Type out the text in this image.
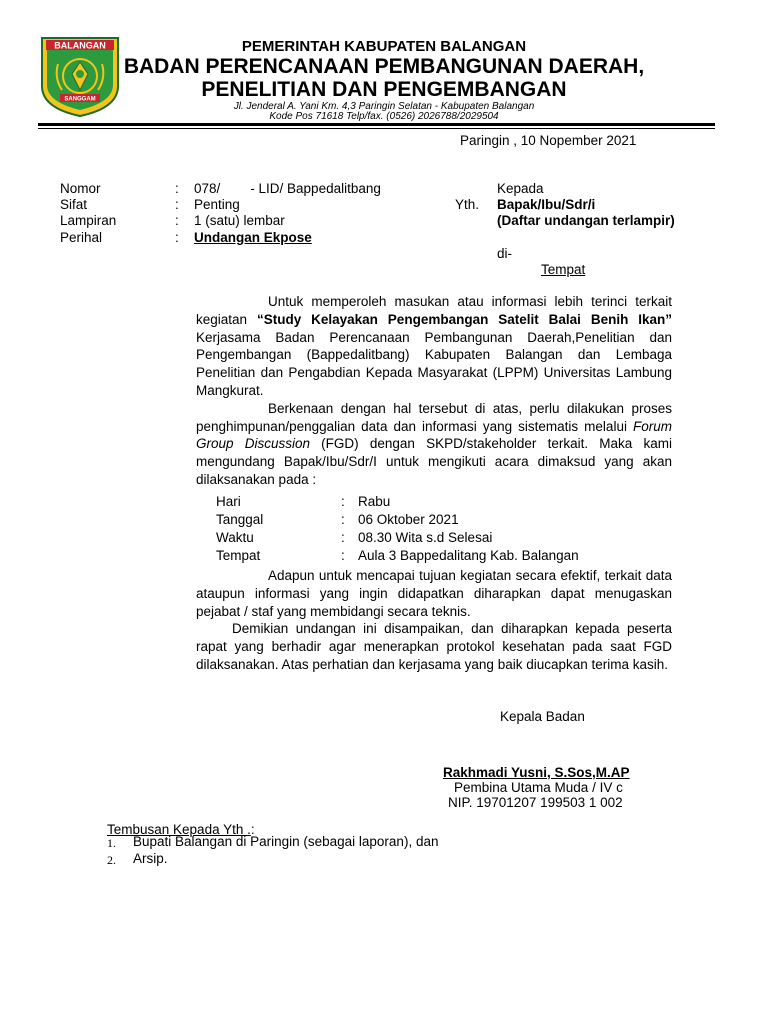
BALANGAN
SANGGAM
PEMERINTAH KABUPATEN BALANGAN
BADAN PERENCANAAN PEMBANGUNAN DAERAH,
PENELITIAN DAN PENGEMBANGAN
Jl. Jenderal A. Yani Km. 4,3 Paringin Selatan - Kabupaten Balangan
Kode Pos 71618 Telp/fax. (0526) 2026788/2029504
Paringin , 10 Nopember 2021
Nomor	: 078/        - LID/ Bappedalitbang
Sifat	: Penting
Lampiran	: 1 (satu) lembar
Perihal	: Undangan Ekpose
Kepada
Yth. Bapak/Ibu/Sdr/i
(Daftar undangan terlampir)
di-
Tempat

Untuk memperoleh masukan atau informasi lebih terinci terkait kegiatan “Study Kelayakan Pengembangan Satelit Balai Benih Ikan” Kerjasama Badan Perencanaan Pembangunan Daerah,Penelitian dan Pengembangan (Bappedalitbang) Kabupaten Balangan dan Lembaga Penelitian dan Pengabdian Kepada Masyarakat (LPPM) Universitas Lambung Mangkurat.

Berkenaan dengan hal tersebut di atas, perlu dilakukan proses penghimpunan/penggalian data dan informasi yang sistematis melalui Forum Group Discussion (FGD) dengan SKPD/stakeholder terkait. Maka kami mengundang Bapak/Ibu/Sdr/I untuk mengikuti acara dimaksud yang akan dilaksanakan pada :

Hari	: Rabu
Tanggal	: 06 Oktober 2021
Waktu	: 08.30 Wita s.d Selesai
Tempat	: Aula 3 Bappedalitang Kab. Balangan

Adapun untuk mencapai tujuan kegiatan secara efektif, terkait data ataupun informasi yang ingin didapatkan diharapkan dapat menugaskan pejabat / staf yang membidangi secara teknis.

Demikian undangan ini disampaikan, dan diharapkan kepada peserta rapat yang berhadir agar menerapkan protokol kesehatan pada saat FGD dilaksanakan. Atas perhatian dan kerjasama yang baik diucapkan terima kasih.

Kepala Badan
Rakhmadi Yusni, S.Sos,M.AP
Pembina Utama Muda / IV c
NIP. 19701207 199503 1 002
Tembusan Kepada Yth .:
1. Bupati Balangan di Paringin (sebagai laporan), dan
2. Arsip.
